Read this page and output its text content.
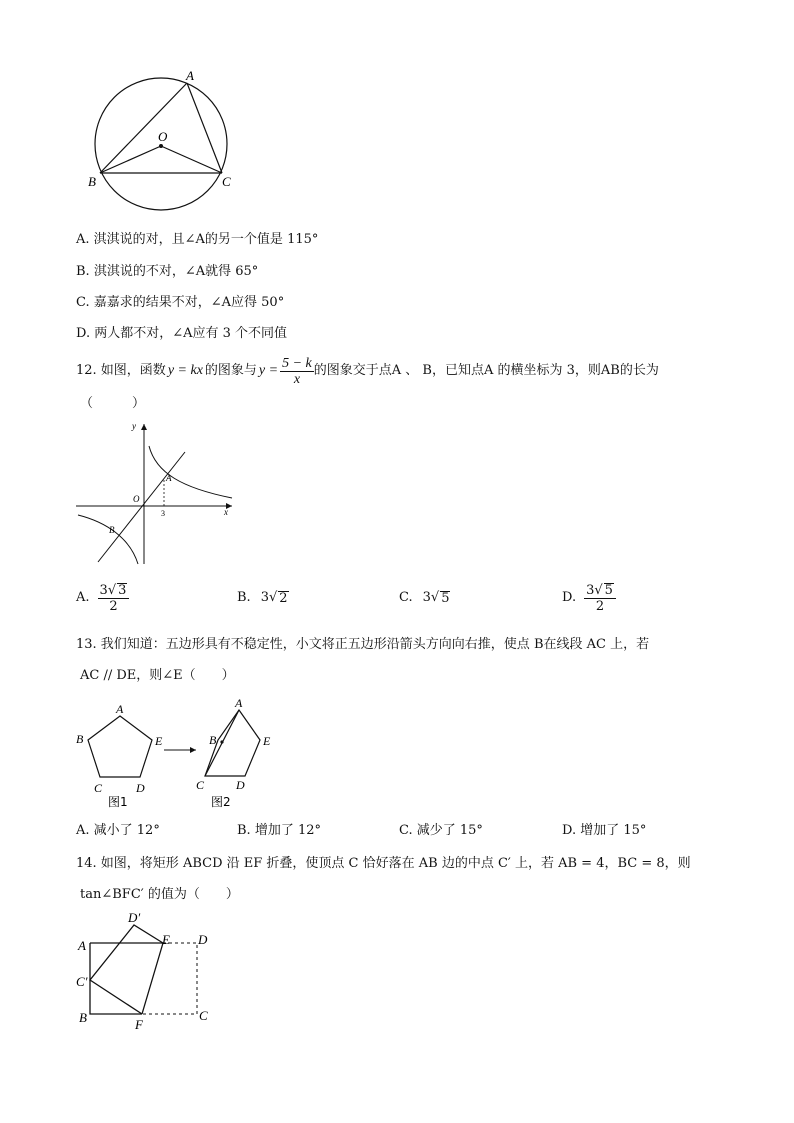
A
O
B	C
A. 淇淇说的对，且∠A的另一个值是 115°
B. 淇淇说的不对，∠A就得 65°
C. 嘉嘉求的结果不对，∠A应得 50°
D. 两人都不对，∠A应有 3 个不同值
12. 如图，函数 y = kx 的图象与 $y = \frac{5 - k}{x}$ 的图象交于点A 、 B，已知点A 的横坐标为 3，则AB的长为
（　　　）
y
x
O
A
B
3
A. $\frac{3√ 3}{2}$	B. 3 √ 2	C. 3 √ 5	D. $\frac{3√ 5}{2}$
13. 我们知道：五边形具有不稳定性，小文将正五边形沿箭头方向向右推，使点 B在线段 AC 上，若
AC // DE，则∠E（　　）
A
B	E
C	D
图1
A
B	E
C	D
图2
A. 减小了 12°	B. 增加了 12°	C. 减少了 15°	D. 增加了 15°
14. 如图，将矩形 ABCD 沿 EF 折叠，使顶点 C 恰好落在 AB 边的中点 C′ 上，若 AB = 4，BC = 8，则
tan∠BFC′ 的值为（　　）
D′
A	E D
C′
B	F
C
